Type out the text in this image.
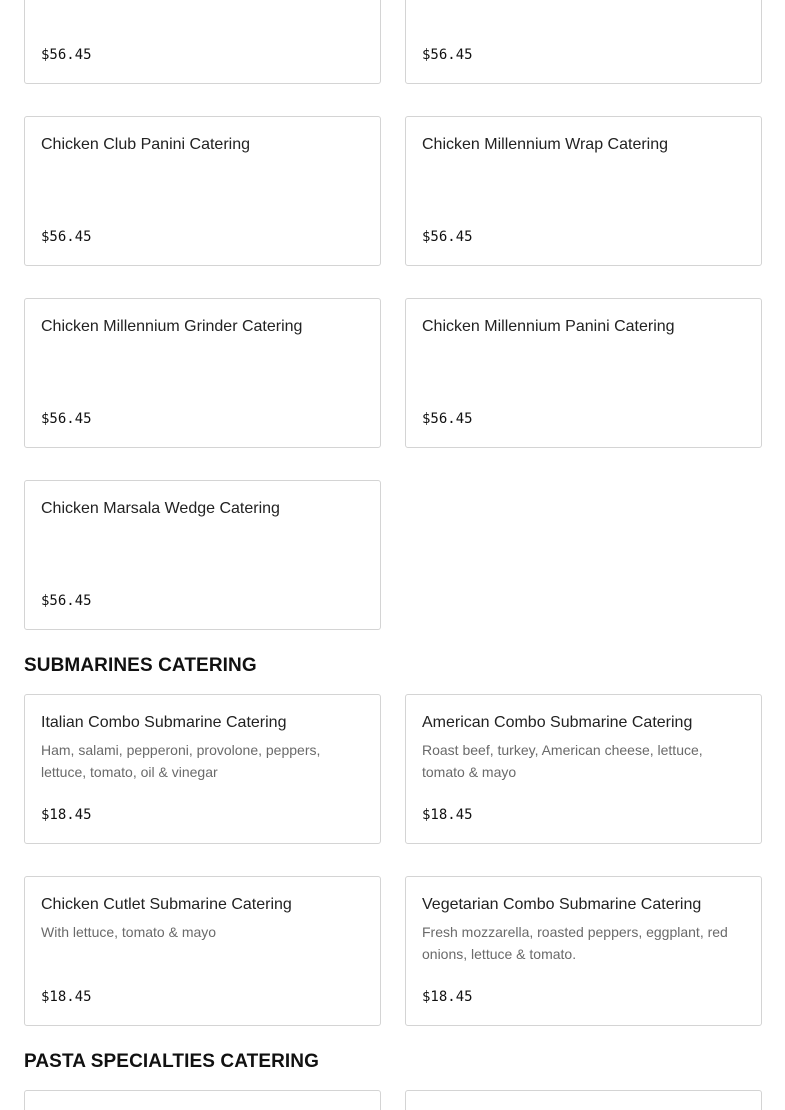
$56.45	$56.45
Chicken Club Panini Catering
$56.45
Chicken Millennium Wrap Catering
$56.45
Chicken Millennium Grinder Catering
$56.45
Chicken Millennium Panini Catering
$56.45
Chicken Marsala Wedge Catering
$56.45
SUBMARINES CATERING
Italian Combo Submarine Catering
Ham, salami, pepperoni, provolone, peppers, lettuce, tomato, oil & vinegar
$18.45
American Combo Submarine Catering
Roast beef, turkey, American cheese, lettuce, tomato & mayo
$18.45
Chicken Cutlet Submarine Catering
With lettuce, tomato & mayo
$18.45
Vegetarian Combo Submarine Catering
Fresh mozzarella, roasted peppers, eggplant, red onions, lettuce & tomato.
$18.45
PASTA SPECIALTIES CATERING
